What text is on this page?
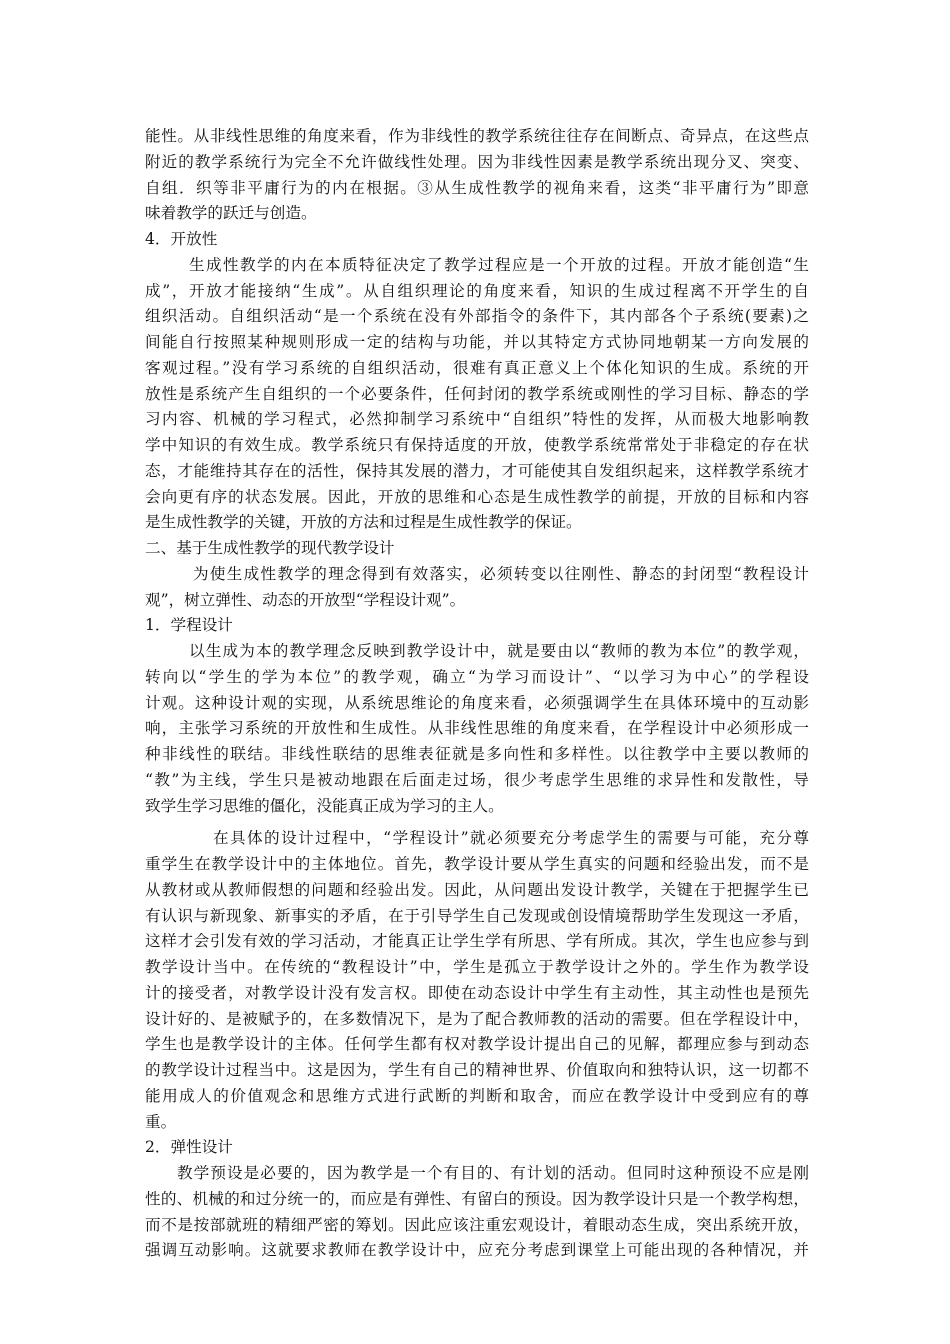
能性。从非线性思维的角度来看，作为非线性的教学系统往往存在间断点、奇异点，在这些点
附近的教学系统行为完全不允许做线性处理。因为非线性因素是教学系统出现分叉、突变、
自组．织等非平庸行为的内在根据。③从生成性教学的视角来看，这类“非平庸行为”即意
味着教学的跃迁与创造。
4．开放性
生成性教学的内在本质特征决定了教学过程应是一个开放的过程。开放才能创造“生
成”，开放才能接纳“生成”。从自组织理论的角度来看，知识的生成过程离不开学生的自
组织活动。自组织活动“是一个系统在没有外部指令的条件下，其内部各个子系统(要素)之
间能自行按照某种规则形成一定的结构与功能，并以其特定方式协同地朝某一方向发展的
客观过程。”没有学习系统的自组织活动，很难有真正意义上个体化知识的生成。系统的开
放性是系统产生自组织的一个必要条件，任何封闭的教学系统或刚性的学习目标、静态的学
习内容、机械的学习程式，必然抑制学习系统中“自组织”特性的发挥，从而极大地影响教
学中知识的有效生成。教学系统只有保持适度的开放，使教学系统常常处于非稳定的存在状
态，才能维持其存在的活性，保持其发展的潜力，才可能使其自发组织起来，这样教学系统才
会向更有序的状态发展。因此，开放的思维和心态是生成性教学的前提，开放的目标和内容
是生成性教学的关键，开放的方法和过程是生成性教学的保证。
二、基于生成性教学的现代教学设计
为使生成性教学的理念得到有效落实，必须转变以往刚性、静态的封闭型“教程设计
观”，树立弹性、动态的开放型“学程设计观”。
1．学程设计
以生成为本的教学理念反映到教学设计中，就是要由以“教师的教为本位”的教学观，
转向以“学生的学为本位”的教学观，确立“为学习而设计”、“以学习为中心”的学程设
计观。这种设计观的实现，从系统思维论的角度来看，必须强调学生在具体环境中的互动影
响，主张学习系统的开放性和生成性。从非线性思维的角度来看，在学程设计中必须形成一
种非线性的联结。非线性联结的思维表征就是多向性和多样性。以往教学中主要以教师的
“教”为主线，学生只是被动地跟在后面走过场，很少考虑学生思维的求异性和发散性，导
致学生学习思维的僵化，没能真正成为学习的主人。
在具体的设计过程中，“学程设计”就必须要充分考虑学生的需要与可能，充分尊
重学生在教学设计中的主体地位。首先，教学设计要从学生真实的问题和经验出发，而不是
从教材或从教师假想的问题和经验出发。因此，从问题出发设计教学，关键在于把握学生已
有认识与新现象、新事实的矛盾，在于引导学生自己发现或创设情境帮助学生发现这一矛盾，
这样才会引发有效的学习活动，才能真正让学生学有所思、学有所成。其次，学生也应参与到
教学设计当中。在传统的“教程设计”中，学生是孤立于教学设计之外的。学生作为教学设
计的接受者，对教学设计没有发言权。即使在动态设计中学生有主动性，其主动性也是预先
设计好的、是被赋予的，在多数情况下，是为了配合教师教的活动的需要。但在学程设计中，
学生也是教学设计的主体。任何学生都有权对教学设计提出自己的见解，都理应参与到动态
的教学设计过程当中。这是因为，学生有自己的精神世界、价值取向和独特认识，这一切都不
能用成人的价值观念和思维方式进行武断的判断和取舍，而应在教学设计中受到应有的尊
重。
2．弹性设计
教学预设是必要的，因为教学是一个有目的、有计划的活动。但同时这种预设不应是刚
性的、机械的和过分统一的，而应是有弹性、有留白的预设。因为教学设计只是一个教学构想，
而不是按部就班的精细严密的筹划。因此应该注重宏观设计，着眼动态生成，突出系统开放，
强调互动影响。这就要求教师在教学设计中，应充分考虑到课堂上可能出现的各种情况，并
